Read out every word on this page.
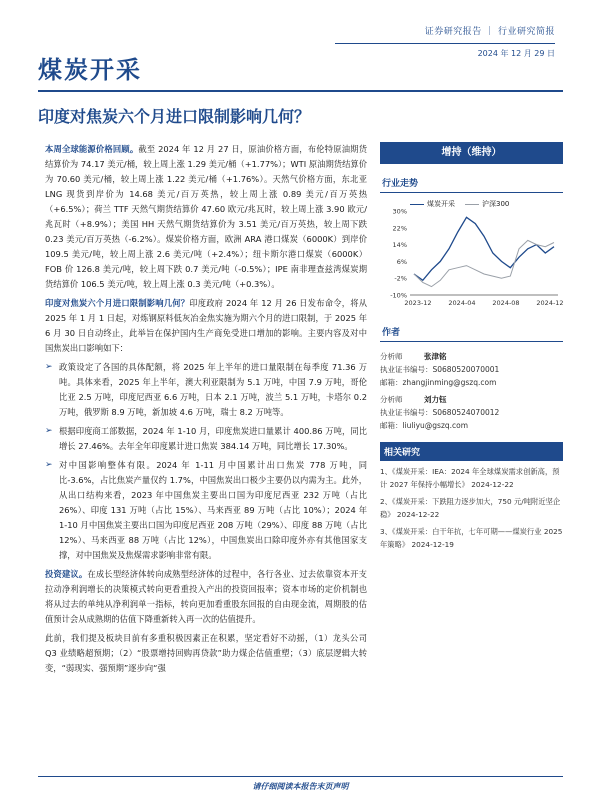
证券研究报告 ｜ 行业研究简报
2024 年 12 月 29 日
煤炭开采
印度对焦炭六个月进口限制影响几何？

本周全球能源价格回顾。截至 2024 年 12 月 27 日，原油价格方面，布伦特原油期货结算价为 74.17 美元/桶，较上周上涨 1.29 美元/桶（+1.77%）；WTI 原油期货结算价为 70.60 美元/桶，较上周上涨 1.22 美元/桶（+1.76%）。天然气价格方面，东北亚 LNG 现货到岸价为 14.68 美元/百万英热，较上周上涨 0.89 美元/百万英热（+6.5%）；荷兰 TTF 天然气期货结算价 47.60 欧元/兆瓦时，较上周上涨 3.90 欧元/兆瓦时（+8.9%）；美国 HH 天然气期货结算价为 3.51 美元/百万英热，较上周下跌 0.23 美元/百万英热（-6.2%）。煤炭价格方面，欧洲 ARA 港口煤炭（6000K）到岸价 109.5 美元/吨，较上周上涨 2.6 美元/吨（+2.4%）；纽卡斯尔港口煤炭（6000K）FOB 价 126.8 美元/吨，较上周下跌 0.7 美元/吨（-0.5%）；IPE 南非理查兹湾煤炭期货结算价 106.5 美元/吨，较上周上涨 0.3 美元/吨（+0.3%）。

印度对焦炭六个月进口限制影响几何？印度政府 2024 年 12 月 26 日发布命令，将从 2025 年 1 月 1 日起，对炼钢原料低灰冶金焦实施为期六个月的进口限制，于 2025 年 6 月 30 日自动终止，此举旨在保护国内生产商免受进口增加的影响。主要内容及对中国焦炭出口影响如下：

➢ 政策设定了各国的具体配额，将 2025 年上半年的进口量限制在每季度 71.36 万吨。具体来看，2025 年上半年，澳大利亚限制为 5.1 万吨，中国 7.9 万吨，哥伦比亚 2.5 万吨，印度尼西亚 6.6 万吨，日本 2.1 万吨，波兰 5.1 万吨，卡塔尔 0.2 万吨，俄罗斯 8.9 万吨，新加坡 4.6 万吨，瑞士 8.2 万吨等。
➢ 根据印度商工部数据，2024 年 1-10 月，印度焦炭进口量累计 400.86 万吨，同比增长 27.46%。去年全年印度累计进口焦炭 384.14 万吨，同比增长 17.30%。
➢ 对中国影响整体有限。2024 年 1-11 月中国累计出口焦炭 778 万吨，同比-3.6%，占比焦炭产量仅约 1.7%，中国焦炭出口极少主要仍以内需为主。此外，从出口结构来看，2023 年中国焦炭主要出口国为印度尼西亚 232 万吨（占比 26%）、印度 131 万吨（占比 15%）、马来西亚 89 万吨（占比 10%）；2024 年 1-10 月中国焦炭主要出口国为印度尼西亚 208 万吨（29%）、印度 88 万吨（占比 12%）、马来西亚 88 万吨（占比 12%），中国焦炭出口除印度外亦有其他国家支撑，对中国焦炭及焦煤需求影响非常有限。

投资建议。在成长型经济体转向成熟型经济体的过程中，各行各业、过去依靠资本开支拉动净利润增长的决策模式转向更看重投入产出的投资回报率；资本市场的定价机制也将从过去的单纯从净利润单一指标，转向更加看重股东回报的自由现金流，周期股的估值预计会从成熟期的估值下降重新转入再一次的估值提升。

此前，我们提及板块目前有多重积极因素正在积累，坚定看好不动摇，（1）龙头公司 Q3 业绩略超预期；（2）“股票增持回购再贷款”助力煤企估值重塑；（3）底层逻辑大转变，“弱现实、强预期”逐步向“强

增持（维持）
行业走势
煤炭开采	沪深300
30%
22%
14%
6%
-2%
-10%
2023-12	2024-04	2024-08	2024-12
作者
分析师	张津铭
执业证书编号： S0680520070001
邮箱： zhangjinming@gszq.com
分析师	刘力钰
执业证书编号： S0680524070012
邮箱： liuliyu@gszq.com
相关研究
1、《煤炭开采：IEA：2024 年全球煤炭需求创新高，预计 2027 年保持小幅增长》 2024-12-22
2、《煤炭开采：下跌阻力逐步加大，750 元/吨附近坚企稳》 2024-12-22
3、《煤炭开采：白干年抗，七年可期——煤炭行业 2025 年策略》 2024-12-19
请仔细阅读本报告末页声明
